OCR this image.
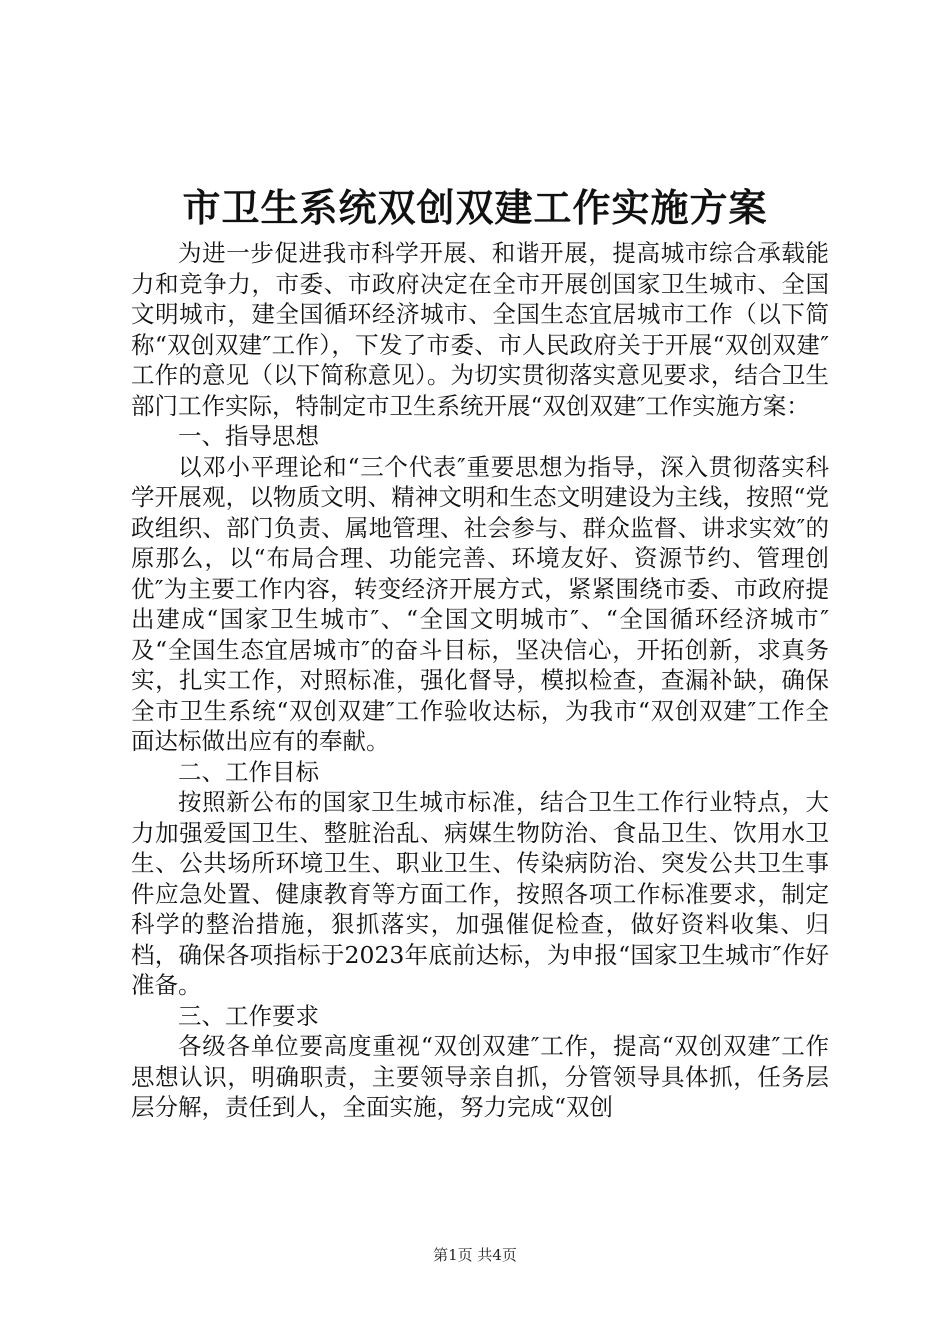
市卫生系统双创双建工作实施方案

为进一步促进我市科学开展、和谐开展，提高城市综合承载能力和竞争力，市委、市政府决定在全市开展创国家卫生城市、全国文明城市，建全国循环经济城市、全国生态宜居城市工作（以下简称“双创双建″工作），下发了市委、市人民政府关于开展“双创双建″工作的意见（以下简称意见）。为切实贯彻落实意见要求，结合卫生部门工作实际，特制定市卫生系统开展“双创双建″工作实施方案：

一、指导思想

以邓小平理论和“三个代表″重要思想为指导，深入贯彻落实科学开展观，以物质文明、精神文明和生态文明建设为主线，按照“党政组织、部门负责、属地管理、社会参与、群众监督、讲求实效″的原那么，以“布局合理、功能完善、环境友好、资源节约、管理创优″为主要工作内容，转变经济开展方式，紧紧围绕市委、市政府提出建成“国家卫生城市″、“全国文明城市″、“全国循环经济城市″及“全国生态宜居城市″的奋斗目标，坚决信心，开拓创新，求真务实，扎实工作，对照标准，强化督导，模拟检查，查漏补缺，确保全市卫生系统“双创双建″工作验收达标，为我市“双创双建″工作全面达标做出应有的奉献。

二、工作目标

按照新公布的国家卫生城市标准，结合卫生工作行业特点，大力加强爱国卫生、整脏治乱、病媒生物防治、食品卫生、饮用水卫生、公共场所环境卫生、职业卫生、传染病防治、突发公共卫生事件应急处置、健康教育等方面工作，按照各项工作标准要求，制定科学的整治措施，狠抓落实，加强催促检查，做好资料收集、归档，确保各项指标于2023年底前达标，为申报“国家卫生城市″作好准备。

三、工作要求

各级各单位要高度重视“双创双建″工作，提高“双创双建″工作思想认识，明确职责，主要领导亲自抓，分管领导具体抓，任务层层分解，责任到人，全面实施，努力完成“双创

第1页 共4页
